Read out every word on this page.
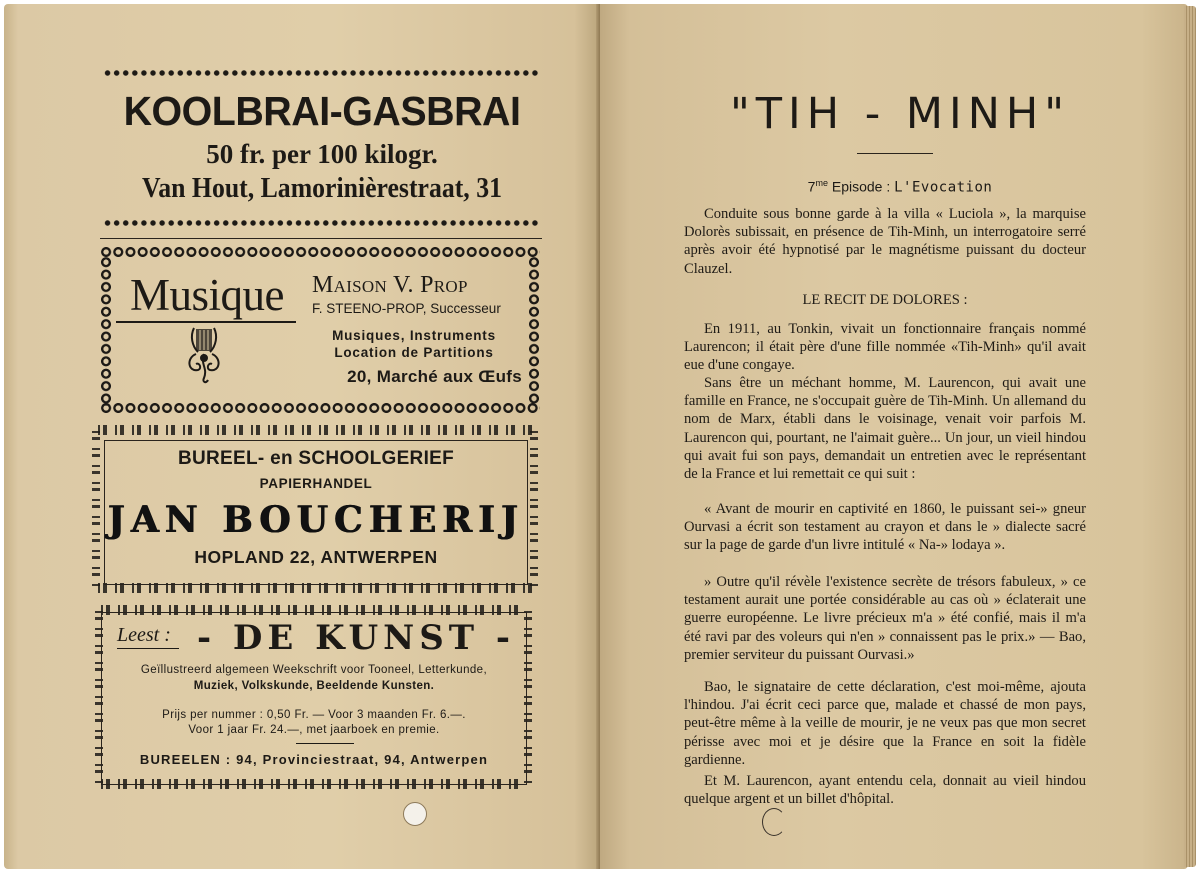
KOOLBRAI-GASBRAI
50 fr. per 100 kilogr.
Van Hout, Lamorinièrestraat, 31
Musique	Maison V. Prop
F. STEENO-PROP, Successeur
Musiques, Instruments
Location de Partitions
20, Marché aux Œufs
BUREEL- en SCHOOLGERIEF
PAPIERHANDEL
JAN BOUCHERIJ
HOPLAND 22, ANTWERPEN
Leest : - DE KUNST -
Geïllustreerd algemeen Weekschrift voor Tooneel, Letterkunde,
Muziek, Volkskunde, Beeldende Kunsten.
Prijs per nummer : 0,50 Fr. — Voor 3 maanden Fr. 6.—.
Voor 1 jaar Fr. 24.—, met jaarboek en premie.
BUREELEN : 94, Provinciestraat, 94, Antwerpen
"TIH - MINH"
$7^{me}$ Episode : L'Evocation

Conduite sous bonne garde à la villa « Luciola », la marquise Dolorès subissait, en présence de Tih-Minh, un interrogatoire serré après avoir été hypnotisé par le magnétisme puissant du docteur Clauzel.

LE RECIT DE DOLORES :

En 1911, au Tonkin, vivait un fonctionnaire français nommé Laurencon; il était père d'une fille nommée «Tih-Minh» qu'il avait eue d'une congaye.

Sans être un méchant homme, M. Laurencon, qui avait une famille en France, ne s'occupait guère de Tih-Minh. Un allemand du nom de Marx, établi dans le voisinage, venait voir parfois M. Laurencon qui, pourtant, ne l'aimait guère... Un jour, un vieil hindou qui avait fui son pays, demandait un entretien avec le représentant de la France et lui remettait ce qui suit :

« Avant de mourir en captivité en 1860, le puissant sei-» gneur Ourvasi a écrit son testament au crayon et dans le » dialecte sacré sur la page de garde d'un livre intitulé « Na-» lodaya ».

» Outre qu'il révèle l'existence secrète de trésors fabuleux, » ce testament aurait une portée considérable au cas où » éclaterait une guerre européenne. Le livre précieux m'a » été confié, mais il m'a été ravi par des voleurs qui n'en » connaissent pas le prix.» — Bao, premier serviteur du puissant Ourvasi.»

Bao, le signataire de cette déclaration, c'est moi-même, ajouta l'hindou. J'ai écrit ceci parce que, malade et chassé de mon pays, peut-être même à la veille de mourir, je ne veux pas que mon secret périsse avec moi et je désire que la France en soit la fidèle gardienne.

Et M. Laurencon, ayant entendu cela, donnait au vieil hindou quelque argent et un billet d'hôpital.
